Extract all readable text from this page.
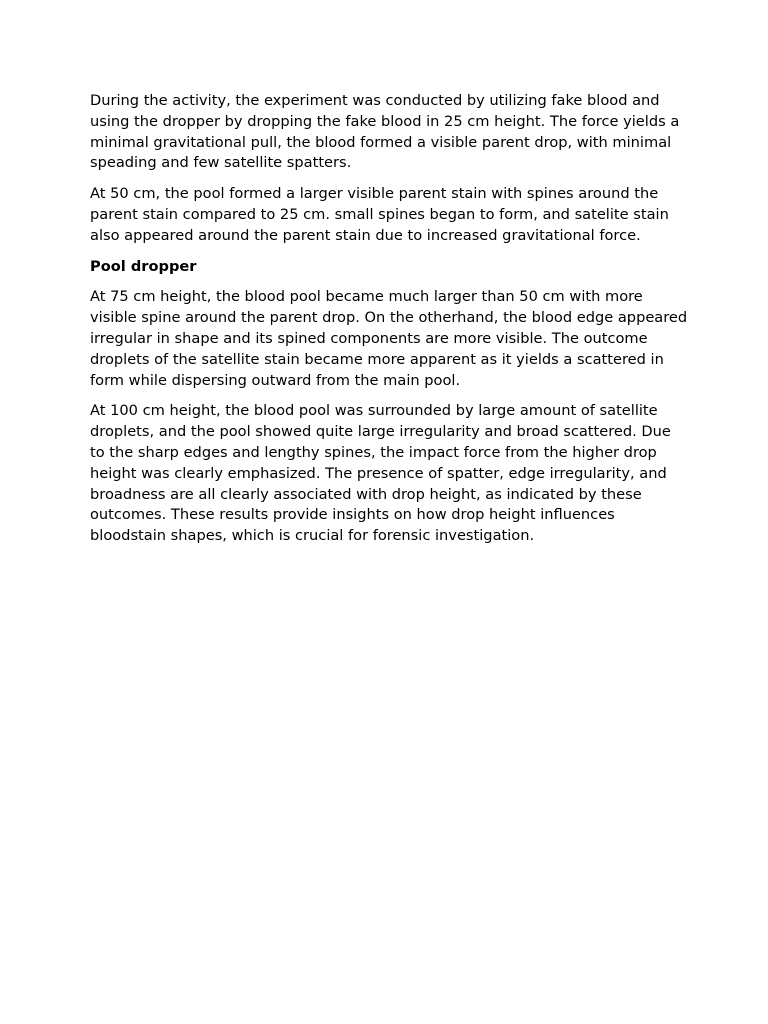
During the activity, the experiment was conducted by utilizing fake blood and using the dropper by dropping the fake blood in 25 cm height. The force yields a minimal gravitational pull, the blood formed a visible parent drop, with minimal speading and few satellite spatters.

At 50 cm, the pool formed a larger visible parent stain with spines around the parent stain compared to 25 cm. small spines began to form, and satelite stain also appeared around the parent stain due to increased gravitational force.

Pool dropper

At 75 cm height, the blood pool became much larger than 50 cm with more visible spine around the parent drop. On the otherhand, the blood edge appeared irregular in shape and its spined components are more visible. The outcome droplets of the satellite stain became more apparent as it yields a scattered in form while dispersing outward from the main pool.

At 100 cm height, the blood pool was surrounded by large amount of satellite droplets, and the pool showed quite large irregularity and broad scattered. Due to the sharp edges and lengthy spines, the impact force from the higher drop height was clearly emphasized. The presence of spatter, edge irregularity, and broadness are all clearly associated with drop height, as indicated by these outcomes. These results provide insights on how drop height influences bloodstain shapes, which is crucial for forensic investigation.
